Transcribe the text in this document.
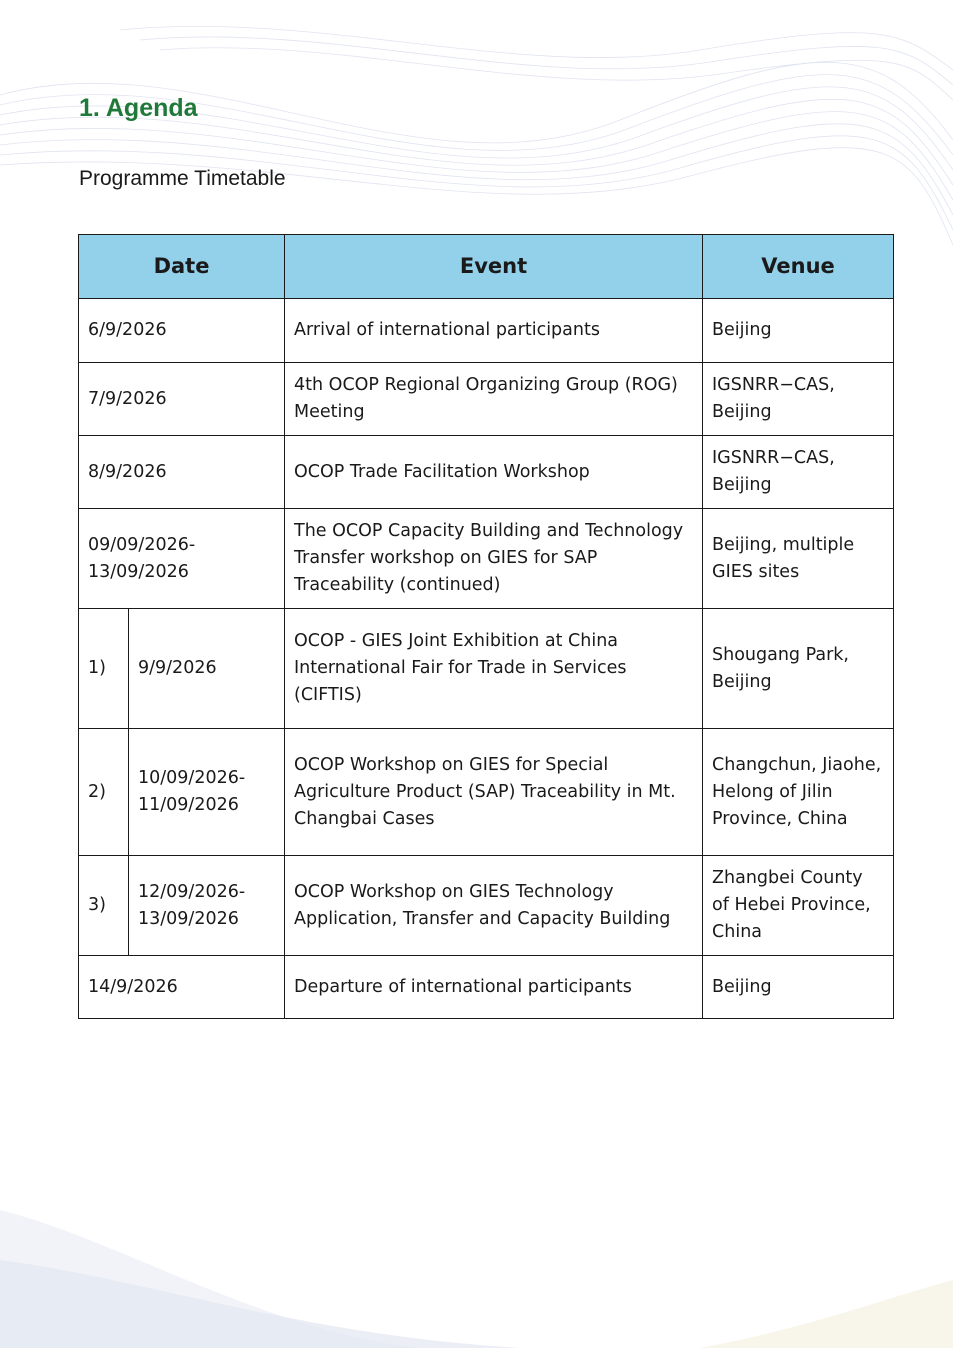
1. Agenda
Programme Timetable
Date		Event	Venue
6/9/2026		Arrival of international participants	Beijing
7/9/2026		4th OCOP Regional Organizing Group (ROG) Meeting	IGSNRR−CAS, Beijing
8/9/2026		OCOP Trade Facilitation Workshop	IGSNRR−CAS, Beijing
09/09/2026-13/09/2026		The OCOP Capacity Building and Technology Transfer workshop on GIES for SAP Traceability (continued)	Beijing, multiple GIES sites
1)	9/9/2026	OCOP - GIES Joint Exhibition at China International Fair for Trade in Services (CIFTIS)	Shougang Park, Beijing
2)	10/09/2026-11/09/2026	OCOP Workshop on GIES for Special Agriculture Product (SAP) Traceability in Mt. Changbai Cases	Changchun, Jiaohe, Helong of Jilin Province, China
3)	12/09/2026-13/09/2026	OCOP Workshop on GIES Technology Application, Transfer and Capacity Building	Zhangbei County of Hebei Province, China
14/9/2026		Departure of international participants	Beijing
